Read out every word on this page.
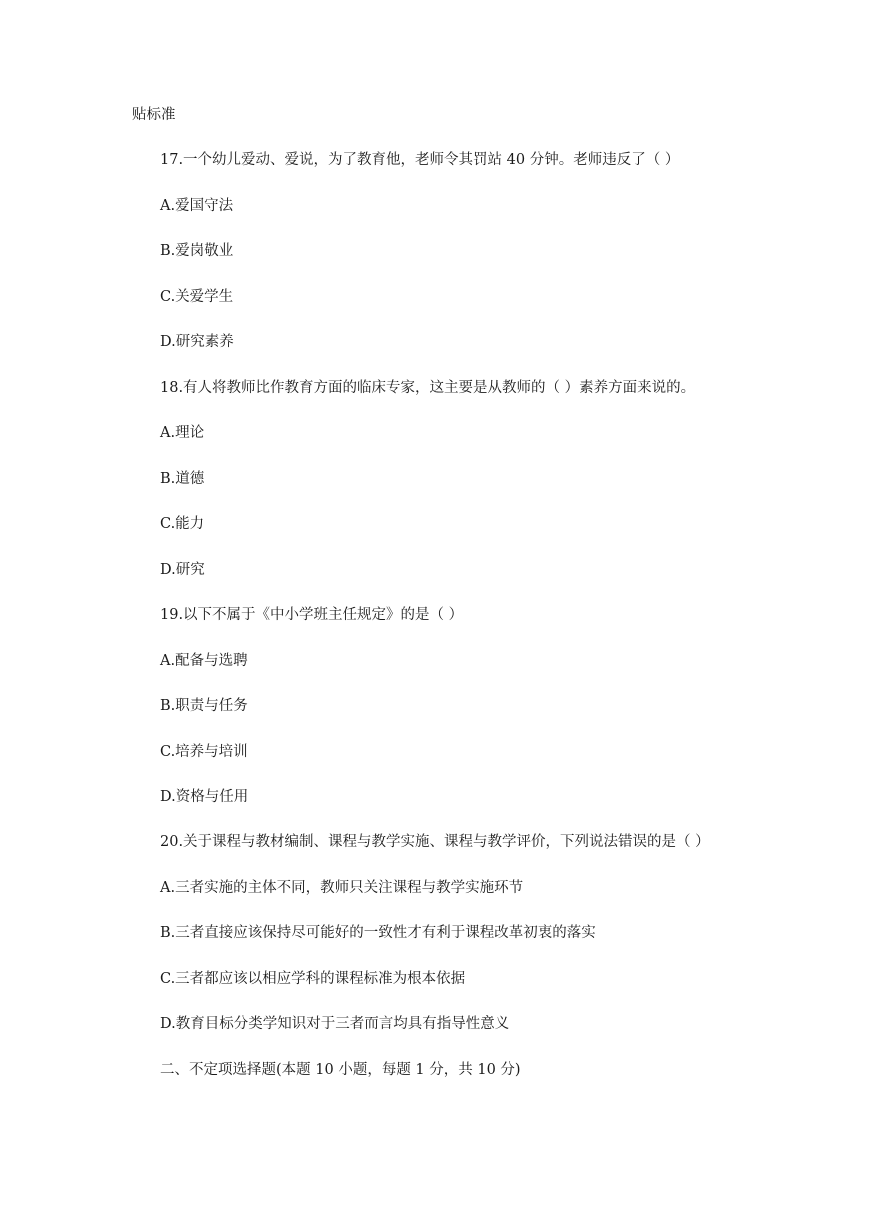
贴标准
17.一个幼儿爱动、爱说，为了教育他，老师令其罚站 40 分钟。老师违反了（ ）
A.爱国守法
B.爱岗敬业
C.关爱学生
D.研究素养
18.有人将教师比作教育方面的临床专家，这主要是从教师的（ ）素养方面来说的。
A.理论
B.道德
C.能力
D.研究
19.以下不属于《中小学班主任规定》的是（ ）
A.配备与选聘
B.职责与任务
C.培养与培训
D.资格与任用
20.关于课程与教材编制、课程与教学实施、课程与教学评价，下列说法错误的是（ ）
A.三者实施的主体不同，教师只关注课程与教学实施环节
B.三者直接应该保持尽可能好的一致性才有利于课程改革初衷的落实
C.三者都应该以相应学科的课程标准为根本依据
D.教育目标分类学知识对于三者而言均具有指导性意义
二、不定项选择题(本题 10 小题，每题 1 分，共 10 分)
